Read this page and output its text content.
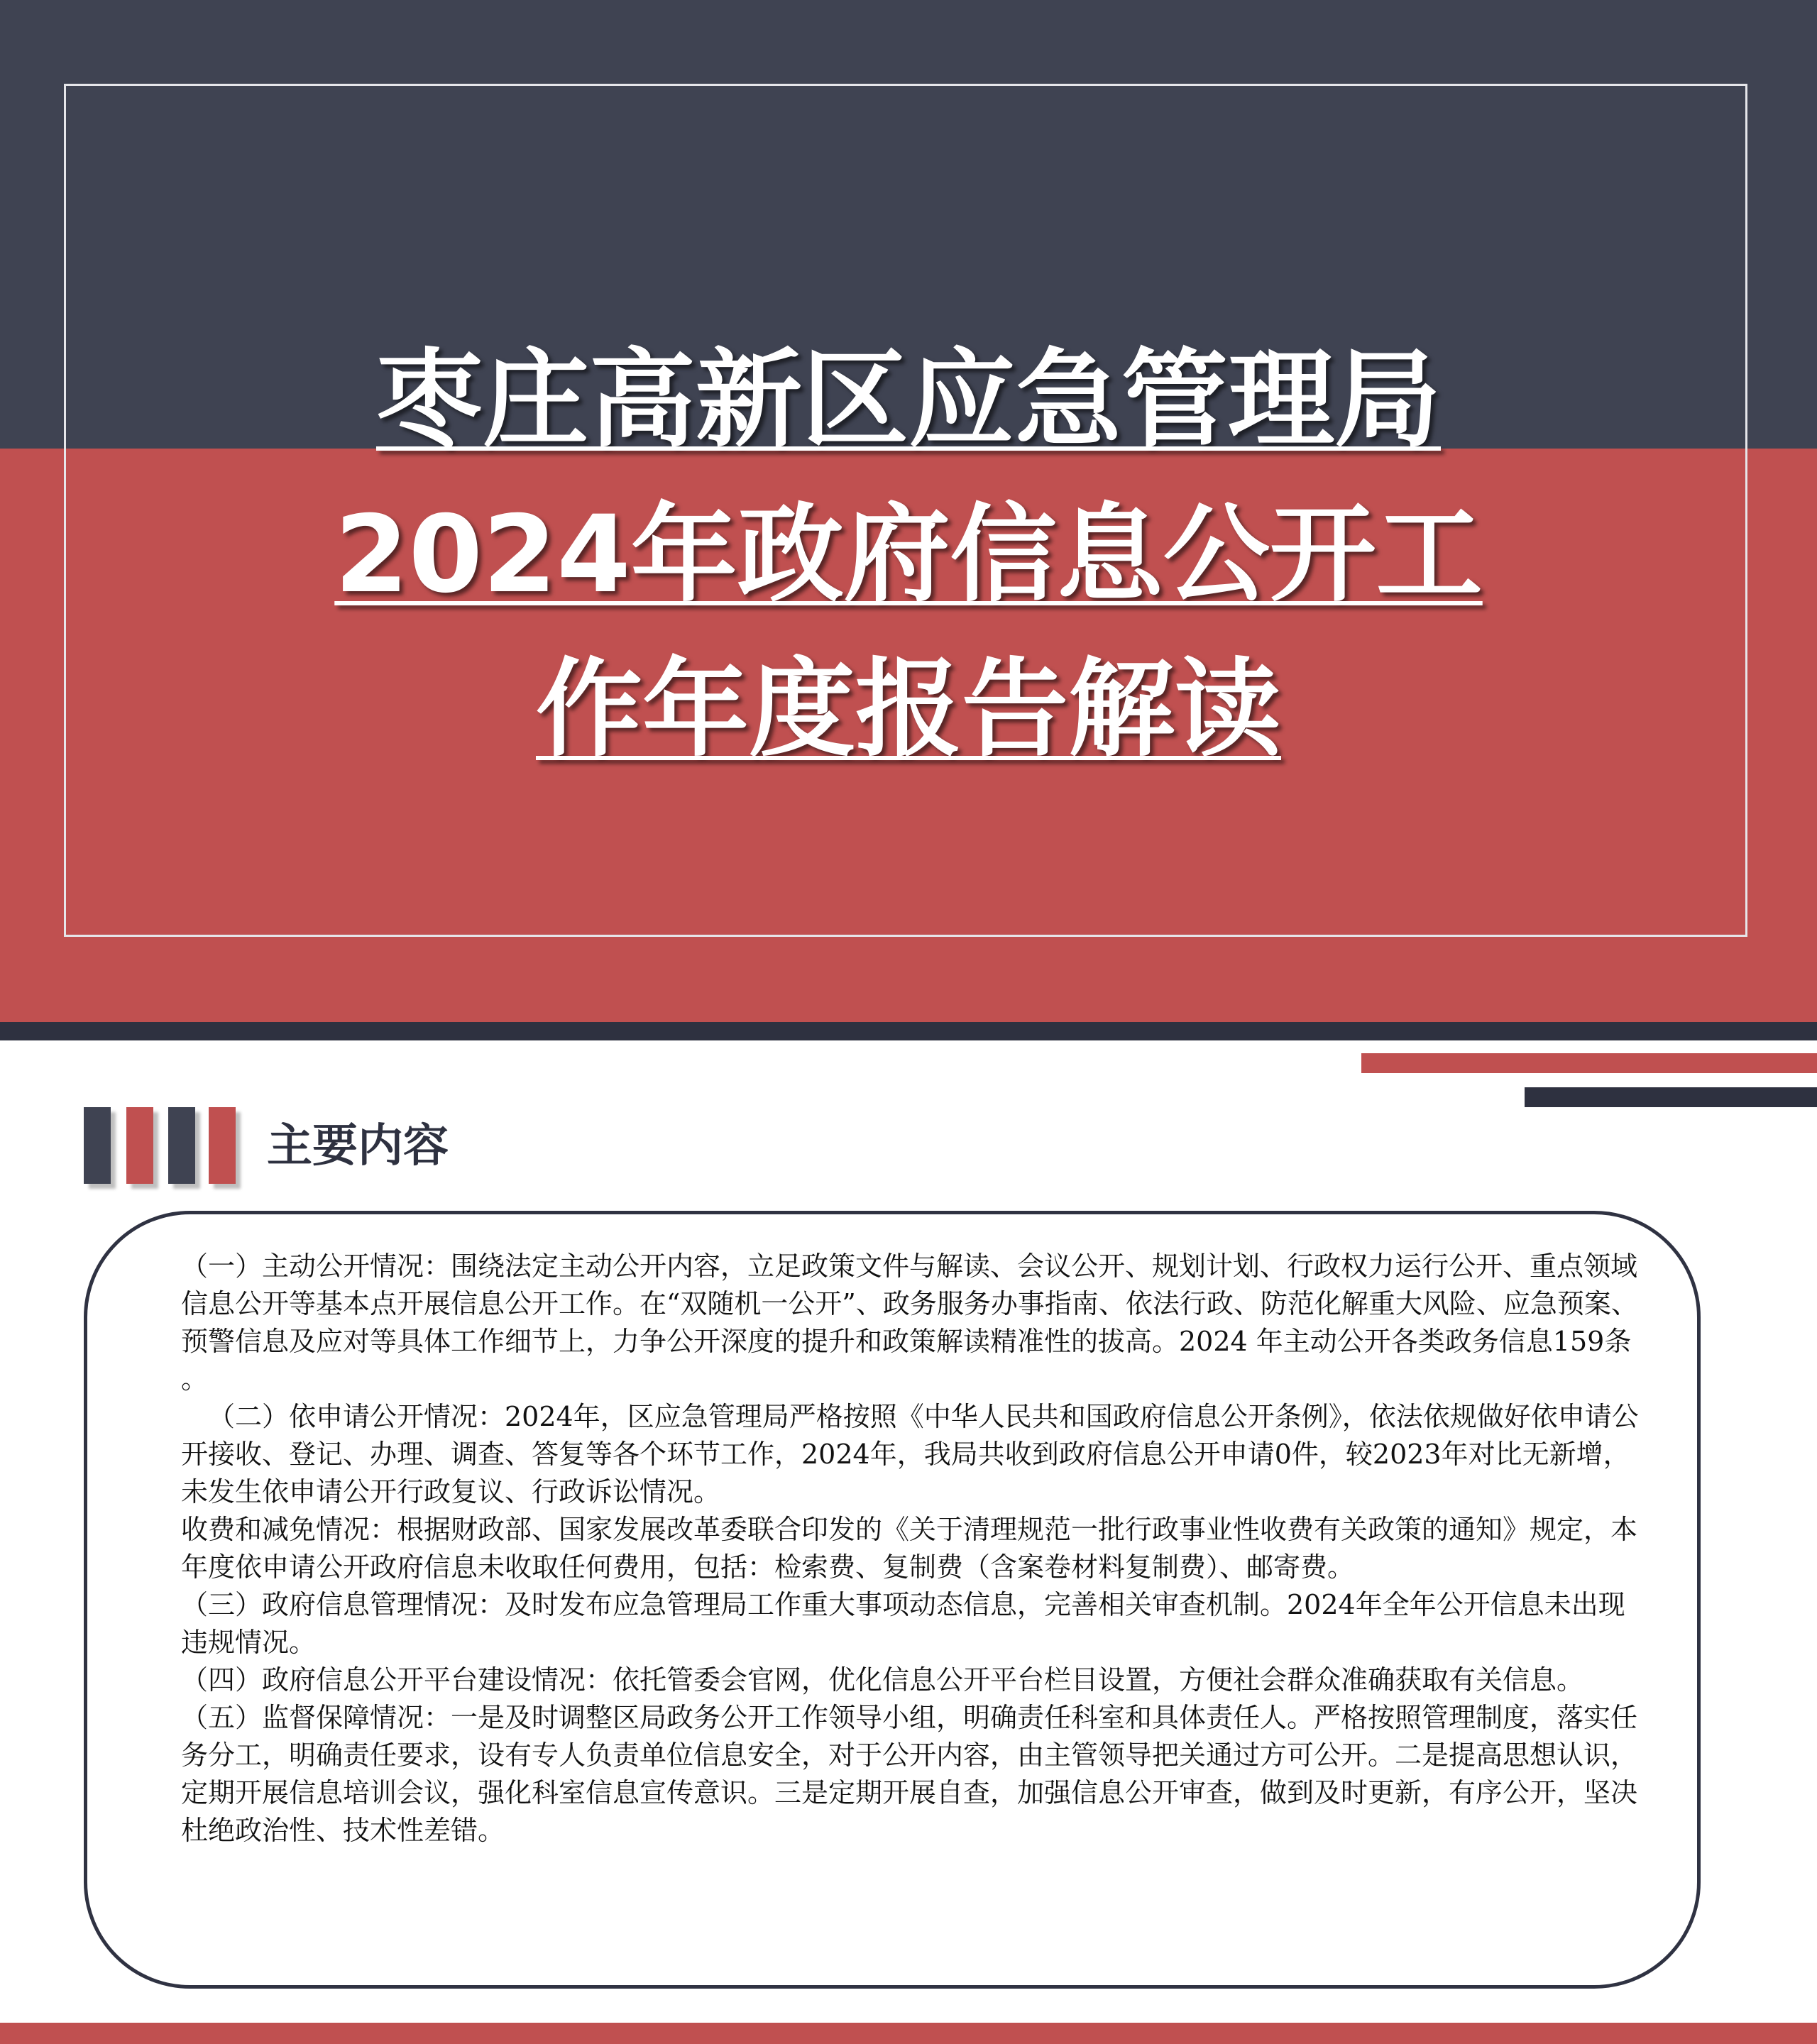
枣庄高新区应急管理局
2024年政府信息公开工
作年度报告解读
主要内容

（一）主动公开情况：围绕法定主动公开内容，立足政策文件与解读、会议公开、规划计划、行政权力运行公开、重点领域信息公开等基本点开展信息公开工作。在“双随机一公开”、政务服务办事指南、依法行政、防范化解重大风险、应急预案、预警信息及应对等具体工作细节上，力争公开深度的提升和政策解读精准性的拔高。2024 年主动公开各类政务信息159条 。

（二）依申请公开情况：2024年，区应急管理局严格按照《中华人民共和国政府信息公开条例》，依法依规做好依申请公开接收、登记、办理、调查、答复等各个环节工作，2024年，我局共收到政府信息公开申请0件，较2023年对比无新增，未发生依申请公开行政复议、行政诉讼情况。

收费和减免情况：根据财政部、国家发展改革委联合印发的《关于清理规范一批行政事业性收费有关政策的通知》规定，本年度依申请公开政府信息未收取任何费用，包括：检索费、复制费（含案卷材料复制费）、邮寄费。

（三）政府信息管理情况：及时发布应急管理局工作重大事项动态信息，完善相关审查机制。2024年全年公开信息未出现违规情况。

（四）政府信息公开平台建设情况：依托管委会官网，优化信息公开平台栏目设置，方便社会群众准确获取有关信息。

（五）监督保障情况：一是及时调整区局政务公开工作领导小组，明确责任科室和具体责任人。严格按照管理制度，落实任务分工，明确责任要求，设有专人负责单位信息安全，对于公开内容，由主管领导把关通过方可公开。二是提高思想认识，定期开展信息培训会议，强化科室信息宣传意识。三是定期开展自查，加强信息公开审查，做到及时更新，有序公开，坚决杜绝政治性、技术性差错。
